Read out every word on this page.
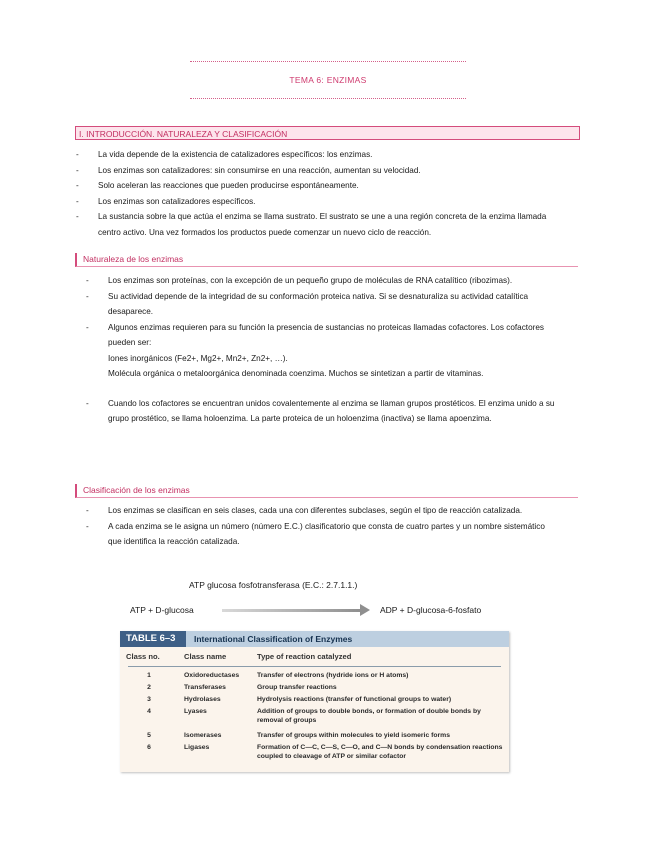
TEMA 6: ENZIMAS
I. INTRODUCCIÓN. NATURALEZA Y CLASIFICACIÓN
- La vida depende de la existencia de catalizadores específicos: los enzimas.
- Los enzimas son catalizadores: sin consumirse en una reacción, aumentan su velocidad.
- Solo aceleran las reacciones que pueden producirse espontáneamente.
- Los enzimas son catalizadores específicos.
- La sustancia sobre la que actúa el enzima se llama sustrato. El sustrato se une a una región concreta de la enzima llamada centro activo. Una vez formados los productos puede comenzar un nuevo ciclo de reacción.
Naturaleza de los enzimas
- Los enzimas son proteínas, con la excepción de un pequeño grupo de moléculas de RNA catalítico (ribozimas).
- Su actividad depende de la integridad de su conformación proteica nativa. Si se desnaturaliza su actividad catalítica desaparece.
- Algunos enzimas requieren para su función la presencia de sustancias no proteicas llamadas cofactores. Los cofactores pueden ser:
Iones inorgánicos (Fe2+, Mg2+, Mn2+, Zn2+, …).
Molécula orgánica o metaloorgánica denominada coenzima. Muchos se sintetizan a partir de vitaminas.
- Cuando los cofactores se encuentran unidos covalentemente al enzima se llaman grupos prostéticos. El enzima unido a su grupo prostético, se llama holoenzima. La parte proteica de un holoenzima (inactiva) se llama apoenzima.
Clasificación de los enzimas
- Los enzimas se clasifican en seis clases, cada una con diferentes subclases, según el tipo de reacción catalizada.
- A cada enzima se le asigna un número (número E.C.) clasificatorio que consta de cuatro partes y un nombre sistemático que identifica la reacción catalizada.
ATP glucosa fosfotransferasa (E.C.: 2.7.1.1.)
ATP + D-glucosa	ADP + D-glucosa-6-fosfato
TABLE 6–3	International Classification of Enzymes
Class no.	Class name	Type of reaction catalyzed
1	Oxidoreductases	Transfer of electrons (hydride ions or H atoms)
2	Transferases	Group transfer reactions
3	Hydrolases	Hydrolysis reactions (transfer of functional groups to water)
4	Lyases	Addition of groups to double bonds, or formation of double bonds by removal of groups
5	Isomerases	Transfer of groups within molecules to yield isomeric forms
6	Ligases	Formation of C—C, C—S, C—O, and C—N bonds by condensation reactions coupled to cleavage of ATP or similar cofactor
